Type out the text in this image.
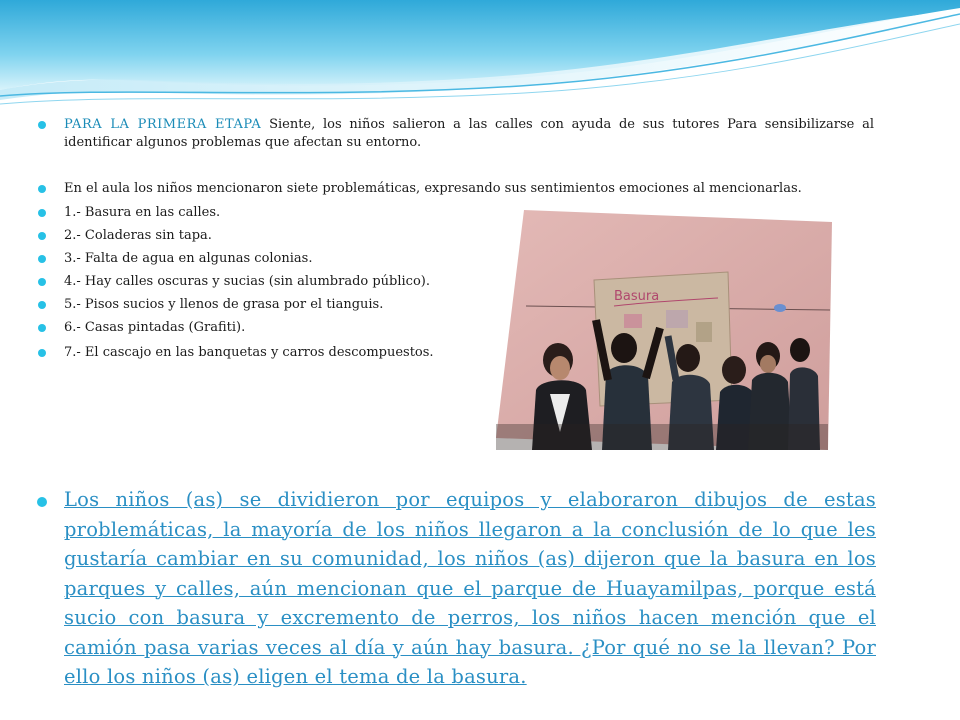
PARA LA PRIMERA ETAPA Siente, los niños salieron a las calles con ayuda de sus tutores Para sensibilizarse al identificar algunos problemas que afectan su entorno.
En el aula los niños mencionaron siete problemáticas, expresando sus sentimientos emociones al mencionarlas.
1.- Basura en las calles.
2.- Coladeras sin tapa.
3.- Falta de agua en algunas colonias.
4.- Hay calles oscuras y sucias (sin alumbrado público).
5.- Pisos sucios y llenos de grasa por el tianguis.
6.- Casas pintadas (Grafiti).
7.- El cascajo en las banquetas y carros descompuestos.
Basura
Los niños (as) se dividieron por equipos y elaboraron dibujos de estas problemáticas, la mayoría de los niños llegaron a la conclusión de lo que les gustaría cambiar en su comunidad, los niños (as) dijeron que la basura en los parques y calles, aún mencionan que el parque de Huayamilpas, porque está sucio con basura y excremento de perros, los niños hacen mención que el camión pasa varias veces al día y aún hay basura. ¿Por qué no se la llevan? Por ello los niños (as) eligen el tema de la basura.
